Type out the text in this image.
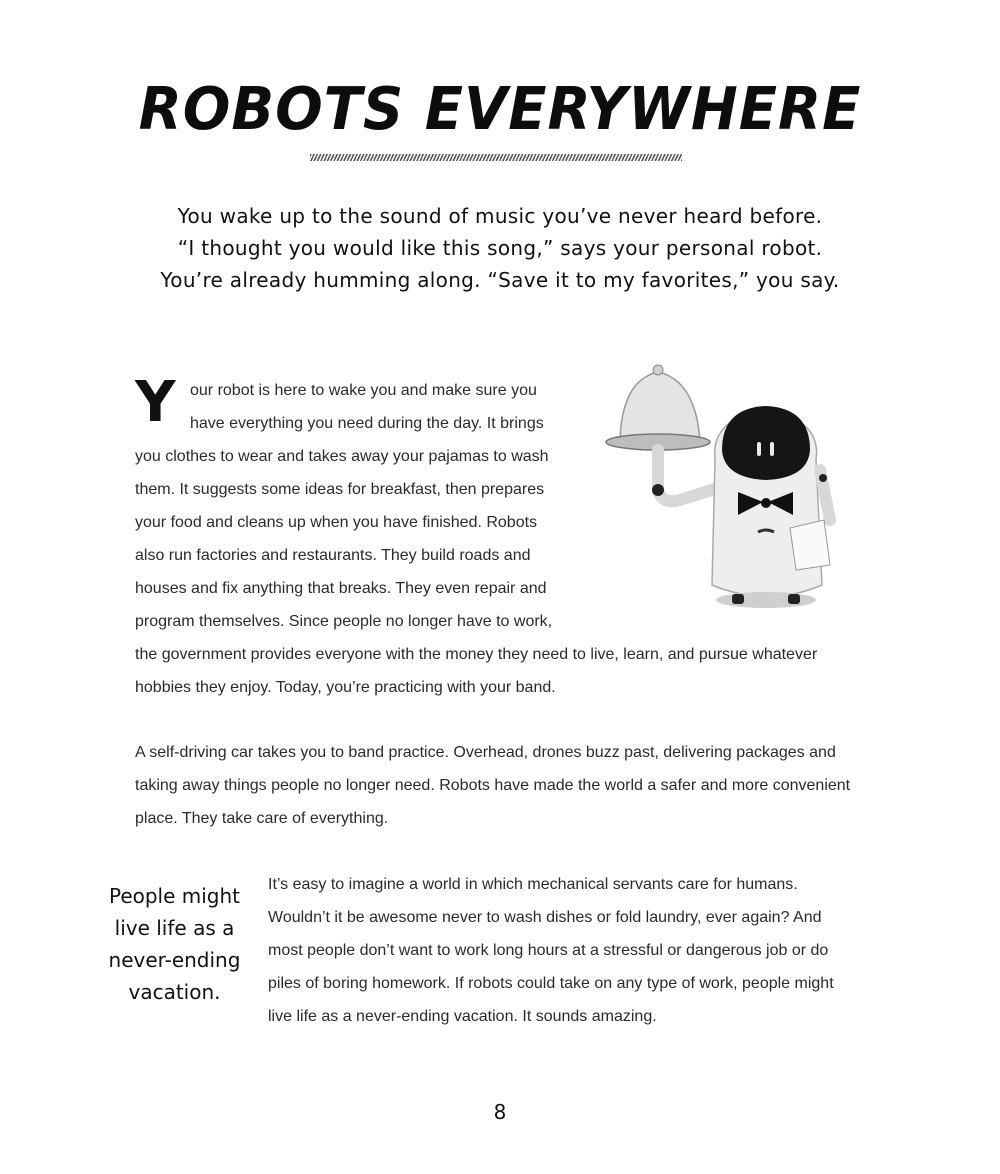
ROBOTS EVERYWHERE
You wake up to the sound of music you’ve never heard before.
“I thought you would like this song,” says your personal robot.
You’re already humming along. “Save it to my favorites,” you say.
Y our robot is here to wake you and make sure you
have everything you need during the day. It brings
you clothes to wear and takes away your pajamas to wash
them. It suggests some ideas for breakfast, then prepares
your food and cleans up when you have finished. Robots
also run factories and restaurants. They build roads and
houses and fix anything that breaks. They even repair and
program themselves. Since people no longer have to work,
the government provides everyone with the money they need to live, learn, and pursue whatever
hobbies they enjoy. Today, you’re practicing with your band.
A self-driving car takes you to band practice. Overhead, drones buzz past, delivering packages and
taking away things people no longer need. Robots have made the world a safer and more convenient
place. They take care of everything.
People might
live life as a
never-ending
vacation.
It’s easy to imagine a world in which mechanical servants care for humans.
Wouldn’t it be awesome never to wash dishes or fold laundry, ever again? And
most people don’t want to work long hours at a stressful or dangerous job or do
piles of boring homework. If robots could take on any type of work, people might
live life as a never-ending vacation. It sounds amazing.
8
